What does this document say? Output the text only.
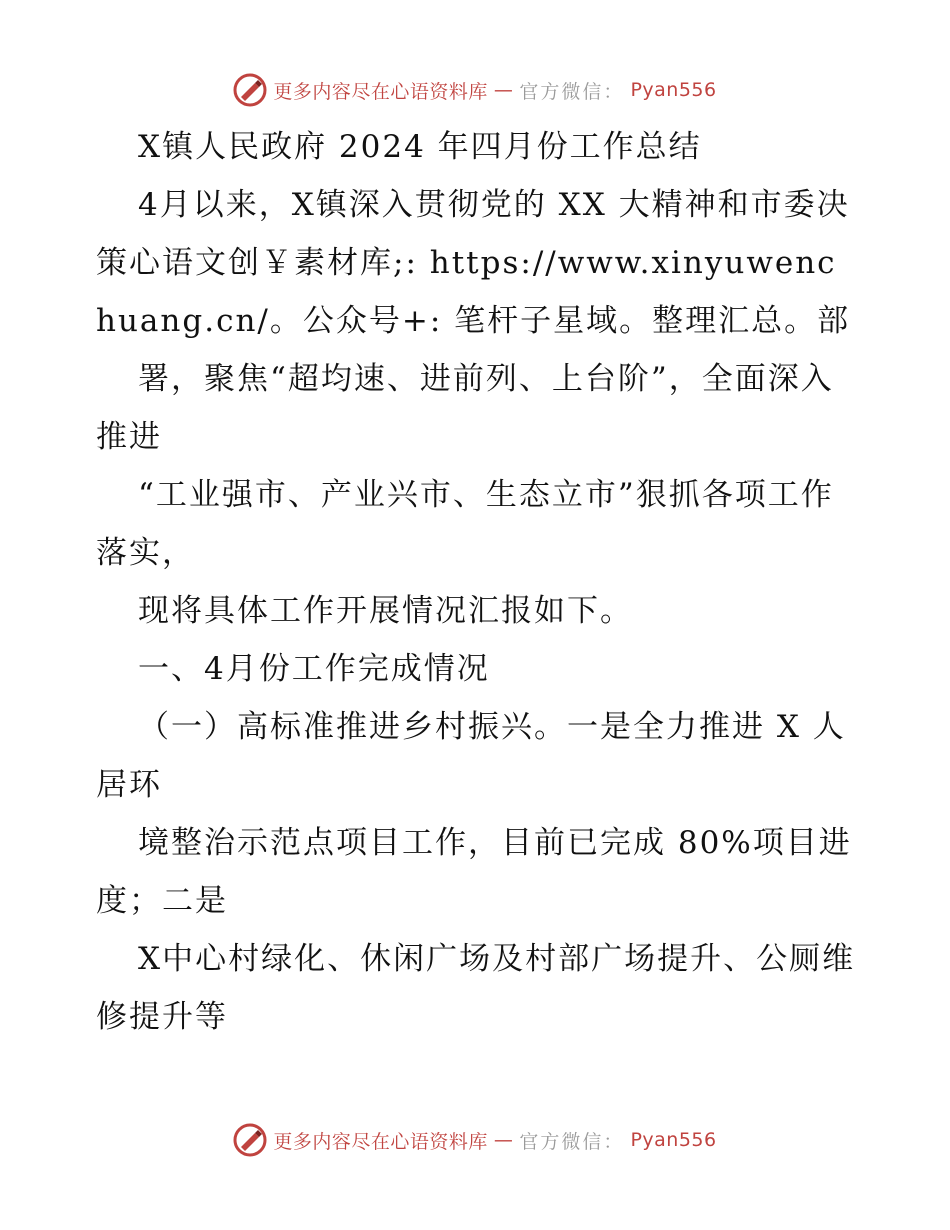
更多内容尽在心语资料库 — 官方微信： Pyan556

X镇人民政府 2024 年四月份工作总结

4月以来，X镇深入贯彻党的 XX 大精神和市委决策心语文创￥素材库;: https://www.xinyuwenchuang.cn/。公众号+: 笔杆子星域。整理汇总。部

署，聚焦“超均速、进前列、上台阶”，全面深入推进

“工业强市、产业兴市、生态立市”狠抓各项工作落实，

现将具体工作开展情况汇报如下。

一、4月份工作完成情况

（一）高标准推进乡村振兴。一是全力推进 X 人居环

境整治示范点项目工作，目前已完成 80%项目进度；二是

X中心村绿化、休闲广场及村部广场提升、公厕维修提升等

更多内容尽在心语资料库 — 官方微信： Pyan556
